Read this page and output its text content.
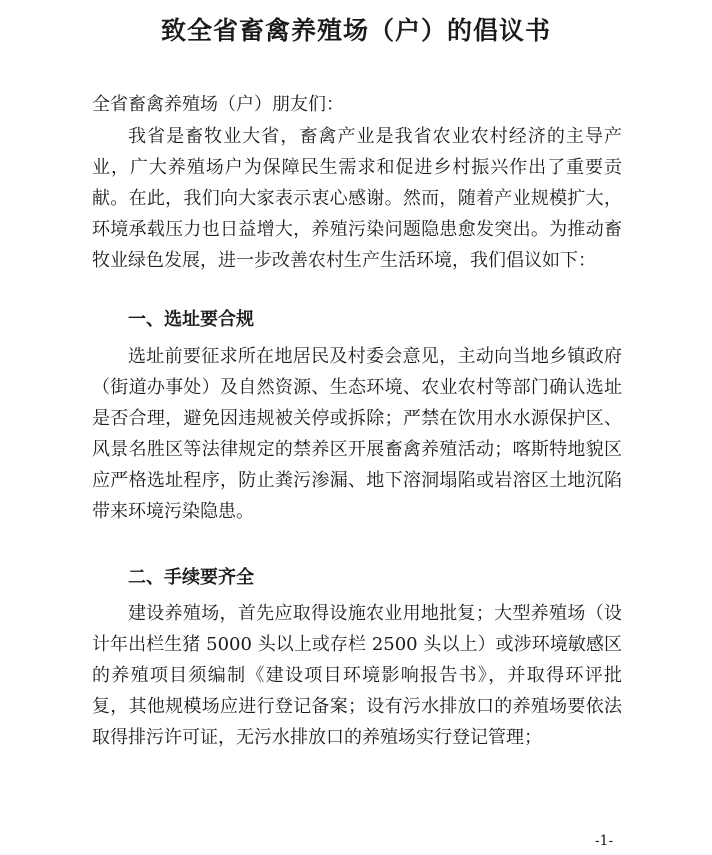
致全省畜禽养殖场（户）的倡议书
全省畜禽养殖场（户）朋友们：

我省是畜牧业大省，畜禽产业是我省农业农村经济的主导产业，广大养殖场户为保障民生需求和促进乡村振兴作出了重要贡献。在此，我们向大家表示衷心感谢。然而，随着产业规模扩大，环境承载压力也日益增大，养殖污染问题隐患愈发突出。为推动畜牧业绿色发展，进一步改善农村生产生活环境，我们倡议如下：

一、选址要合规

选址前要征求所在地居民及村委会意见，主动向当地乡镇政府（街道办事处）及自然资源、生态环境、农业农村等部门确认选址是否合理，避免因违规被关停或拆除；严禁在饮用水水源保护区、风景名胜区等法律规定的禁养区开展畜禽养殖活动；喀斯特地貌区应严格选址程序，防止粪污渗漏、地下溶洞塌陷或岩溶区土地沉陷带来环境污染隐患。

二、手续要齐全

建设养殖场，首先应取得设施农业用地批复；大型养殖场（设计年出栏生猪 5000 头以上或存栏 2500 头以上）或涉环境敏感区的养殖项目须编制《建设项目环境影响报告书》，并取得环评批复，其他规模场应进行登记备案；设有污水排放口的养殖场要依法取得排污许可证，无污水排放口的养殖场实行登记管理；

-1-
